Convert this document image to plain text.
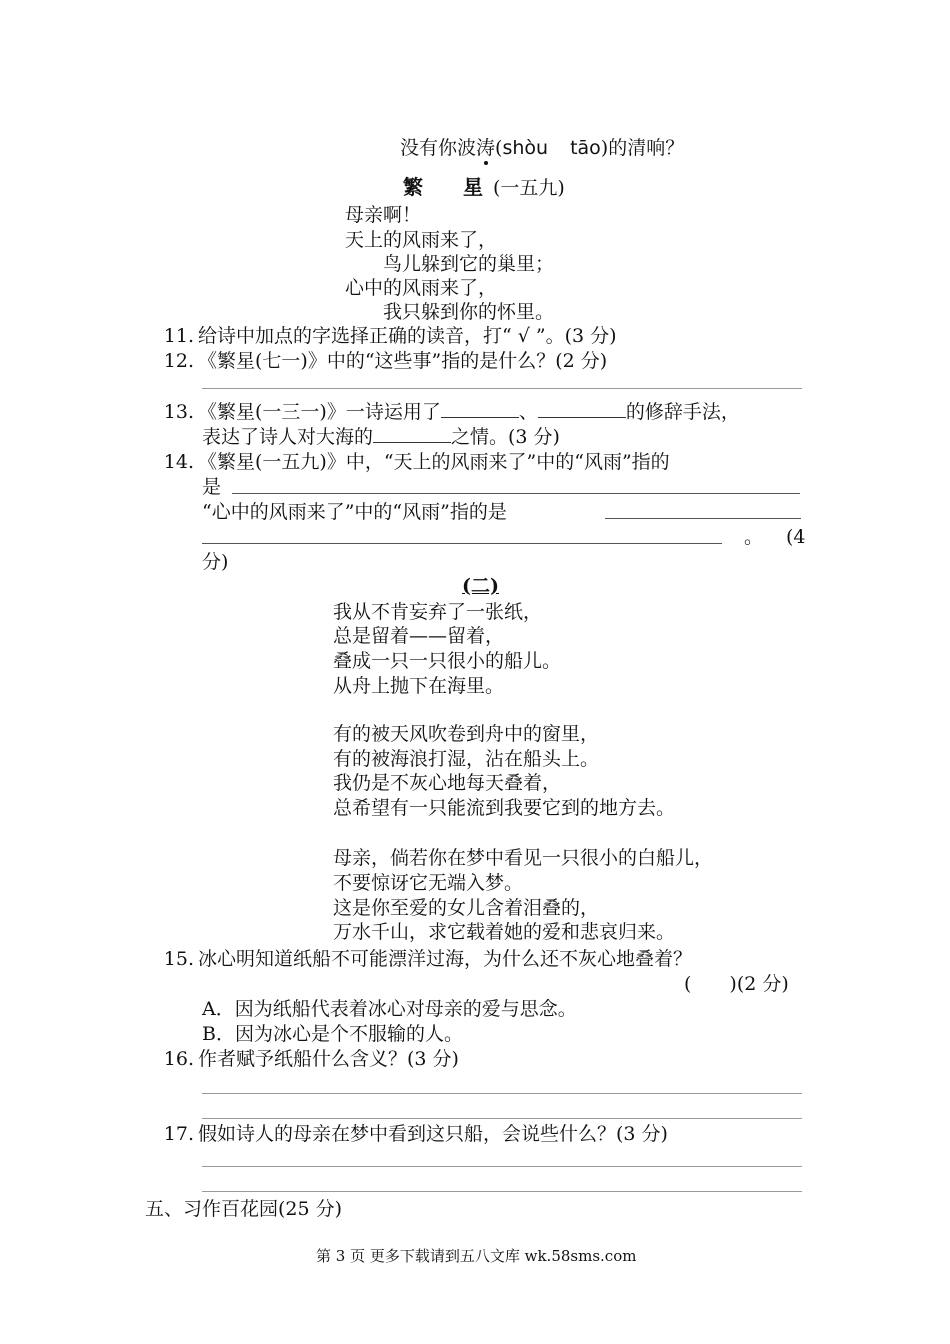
没有你波涛(shòu tāo)的清响？
繁　星(一五九)
母亲啊！
天上的风雨来了，
鸟儿躲到它的巢里；
心中的风雨来了，
我只躲到你的怀里。
11. 给诗中加点的字选择正确的读音，打“ √ ”。(3 分)
12. 《繁星(七一)》中的“这些事”指的是什么？(2 分)
13. 《繁星(一三一)》一诗运用了	、	的修辞手法，
表达了诗人对大海的	之情。(3 分)
14. 《繁星(一五九)》中，“天上的风雨来了”中的“风雨”指的
是
“心中的风雨来了”中的“风雨”指的是
。 (4
分)
(二)
我从不肯妄弃了一张纸，
总是留着——留着，
叠成一只一只很小的船儿。
从舟上抛下在海里。
有的被天风吹卷到舟中的窗里，
有的被海浪打湿，沾在船头上。
我仍是不灰心地每天叠着，
总希望有一只能流到我要它到的地方去。
母亲，倘若你在梦中看见一只很小的白船儿，
不要惊讶它无端入梦。
这是你至爱的女儿含着泪叠的，
万水千山，求它载着她的爱和悲哀归来。
15. 冰心明知道纸船不可能漂洋过海，为什么还不灰心地叠着？
(　　)(2 分)
A．因为纸船代表着冰心对母亲的爱与思念。
B．因为冰心是个不服输的人。
16. 作者赋予纸船什么含义？(3 分)
17. 假如诗人的母亲在梦中看到这只船，会说些什么？(3 分)
五、习作百花园(25 分)
第 3 页 更多下载请到五八文库 wk.58sms.com
